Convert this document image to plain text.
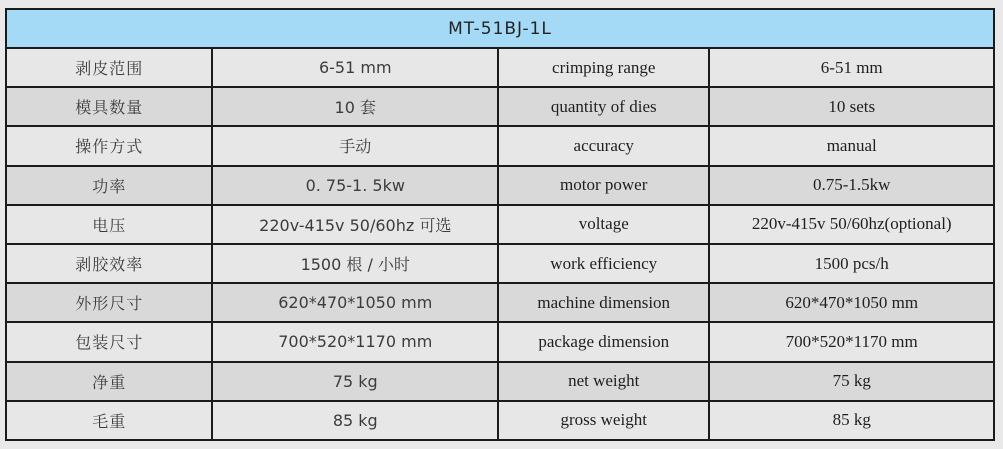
MT-51BJ-1L			
剥皮范围	6-51 mm	crimping range	6-51 mm
模具数量	10 套	quantity of dies	10 sets
操作方式	手动	accuracy	manual
功率	0. 75-1. 5kw	motor power	0.75-1.5kw
电压	220v-415v 50/60hz 可选	voltage	220v-415v 50/60hz(optional)
剥胶效率	1500 根 / 小时	work efficiency	1500 pcs/h
外形尺寸	620*470*1050 mm	machine dimension	620*470*1050 mm
包装尺寸	700*520*1170 mm	package dimension	700*520*1170 mm
净重	75 kg	net weight	75 kg
毛重	85 kg	gross weight	85 kg
